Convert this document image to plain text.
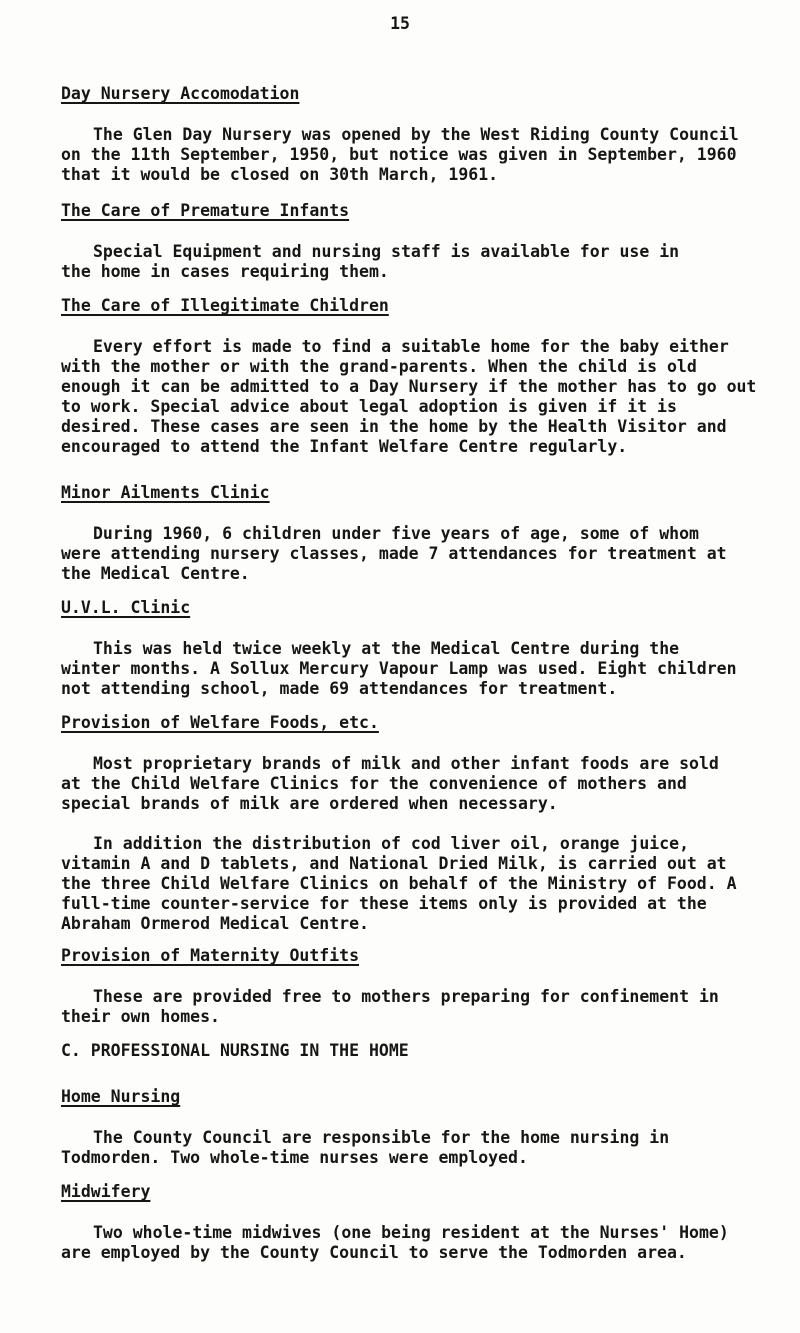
15
Day Nursery Accomodation
The Glen Day Nursery was opened by the West Riding County Council
on the 11th September, 1950, but notice was given in September, 1960
that it would be closed on 30th March, 1961.
The Care of Premature Infants
Special Equipment and nursing staff is available for use in
the home in cases requiring them.
The Care of Illegitimate Children
Every effort is made to find a suitable home for the baby either
with the mother or with the grand-parents. When the child is old
enough it can be admitted to a Day Nursery if the mother has to go out
to work. Special advice about legal adoption is given if it is
desired. These cases are seen in the home by the Health Visitor and
encouraged to attend the Infant Welfare Centre regularly.
Minor Ailments Clinic
During 1960, 6 children under five years of age, some of whom
were attending nursery classes, made 7 attendances for treatment at
the Medical Centre.
U.V.L. Clinic
This was held twice weekly at the Medical Centre during the
winter months. A Sollux Mercury Vapour Lamp was used. Eight children
not attending school, made 69 attendances for treatment.
Provision of Welfare Foods, etc.
Most proprietary brands of milk and other infant foods are sold
at the Child Welfare Clinics for the convenience of mothers and
special brands of milk are ordered when necessary.
In addition the distribution of cod liver oil, orange juice,
vitamin A and D tablets, and National Dried Milk, is carried out at
the three Child Welfare Clinics on behalf of the Ministry of Food. A
full-time counter-service for these items only is provided at the
Abraham Ormerod Medical Centre.
Provision of Maternity Outfits
These are provided free to mothers preparing for confinement in
their own homes.
C. PROFESSIONAL NURSING IN THE HOME
Home Nursing
The County Council are responsible for the home nursing in
Todmorden. Two whole-time nurses were employed.
Midwifery
Two whole-time midwives (one being resident at the Nurses' Home)
are employed by the County Council to serve the Todmorden area.
